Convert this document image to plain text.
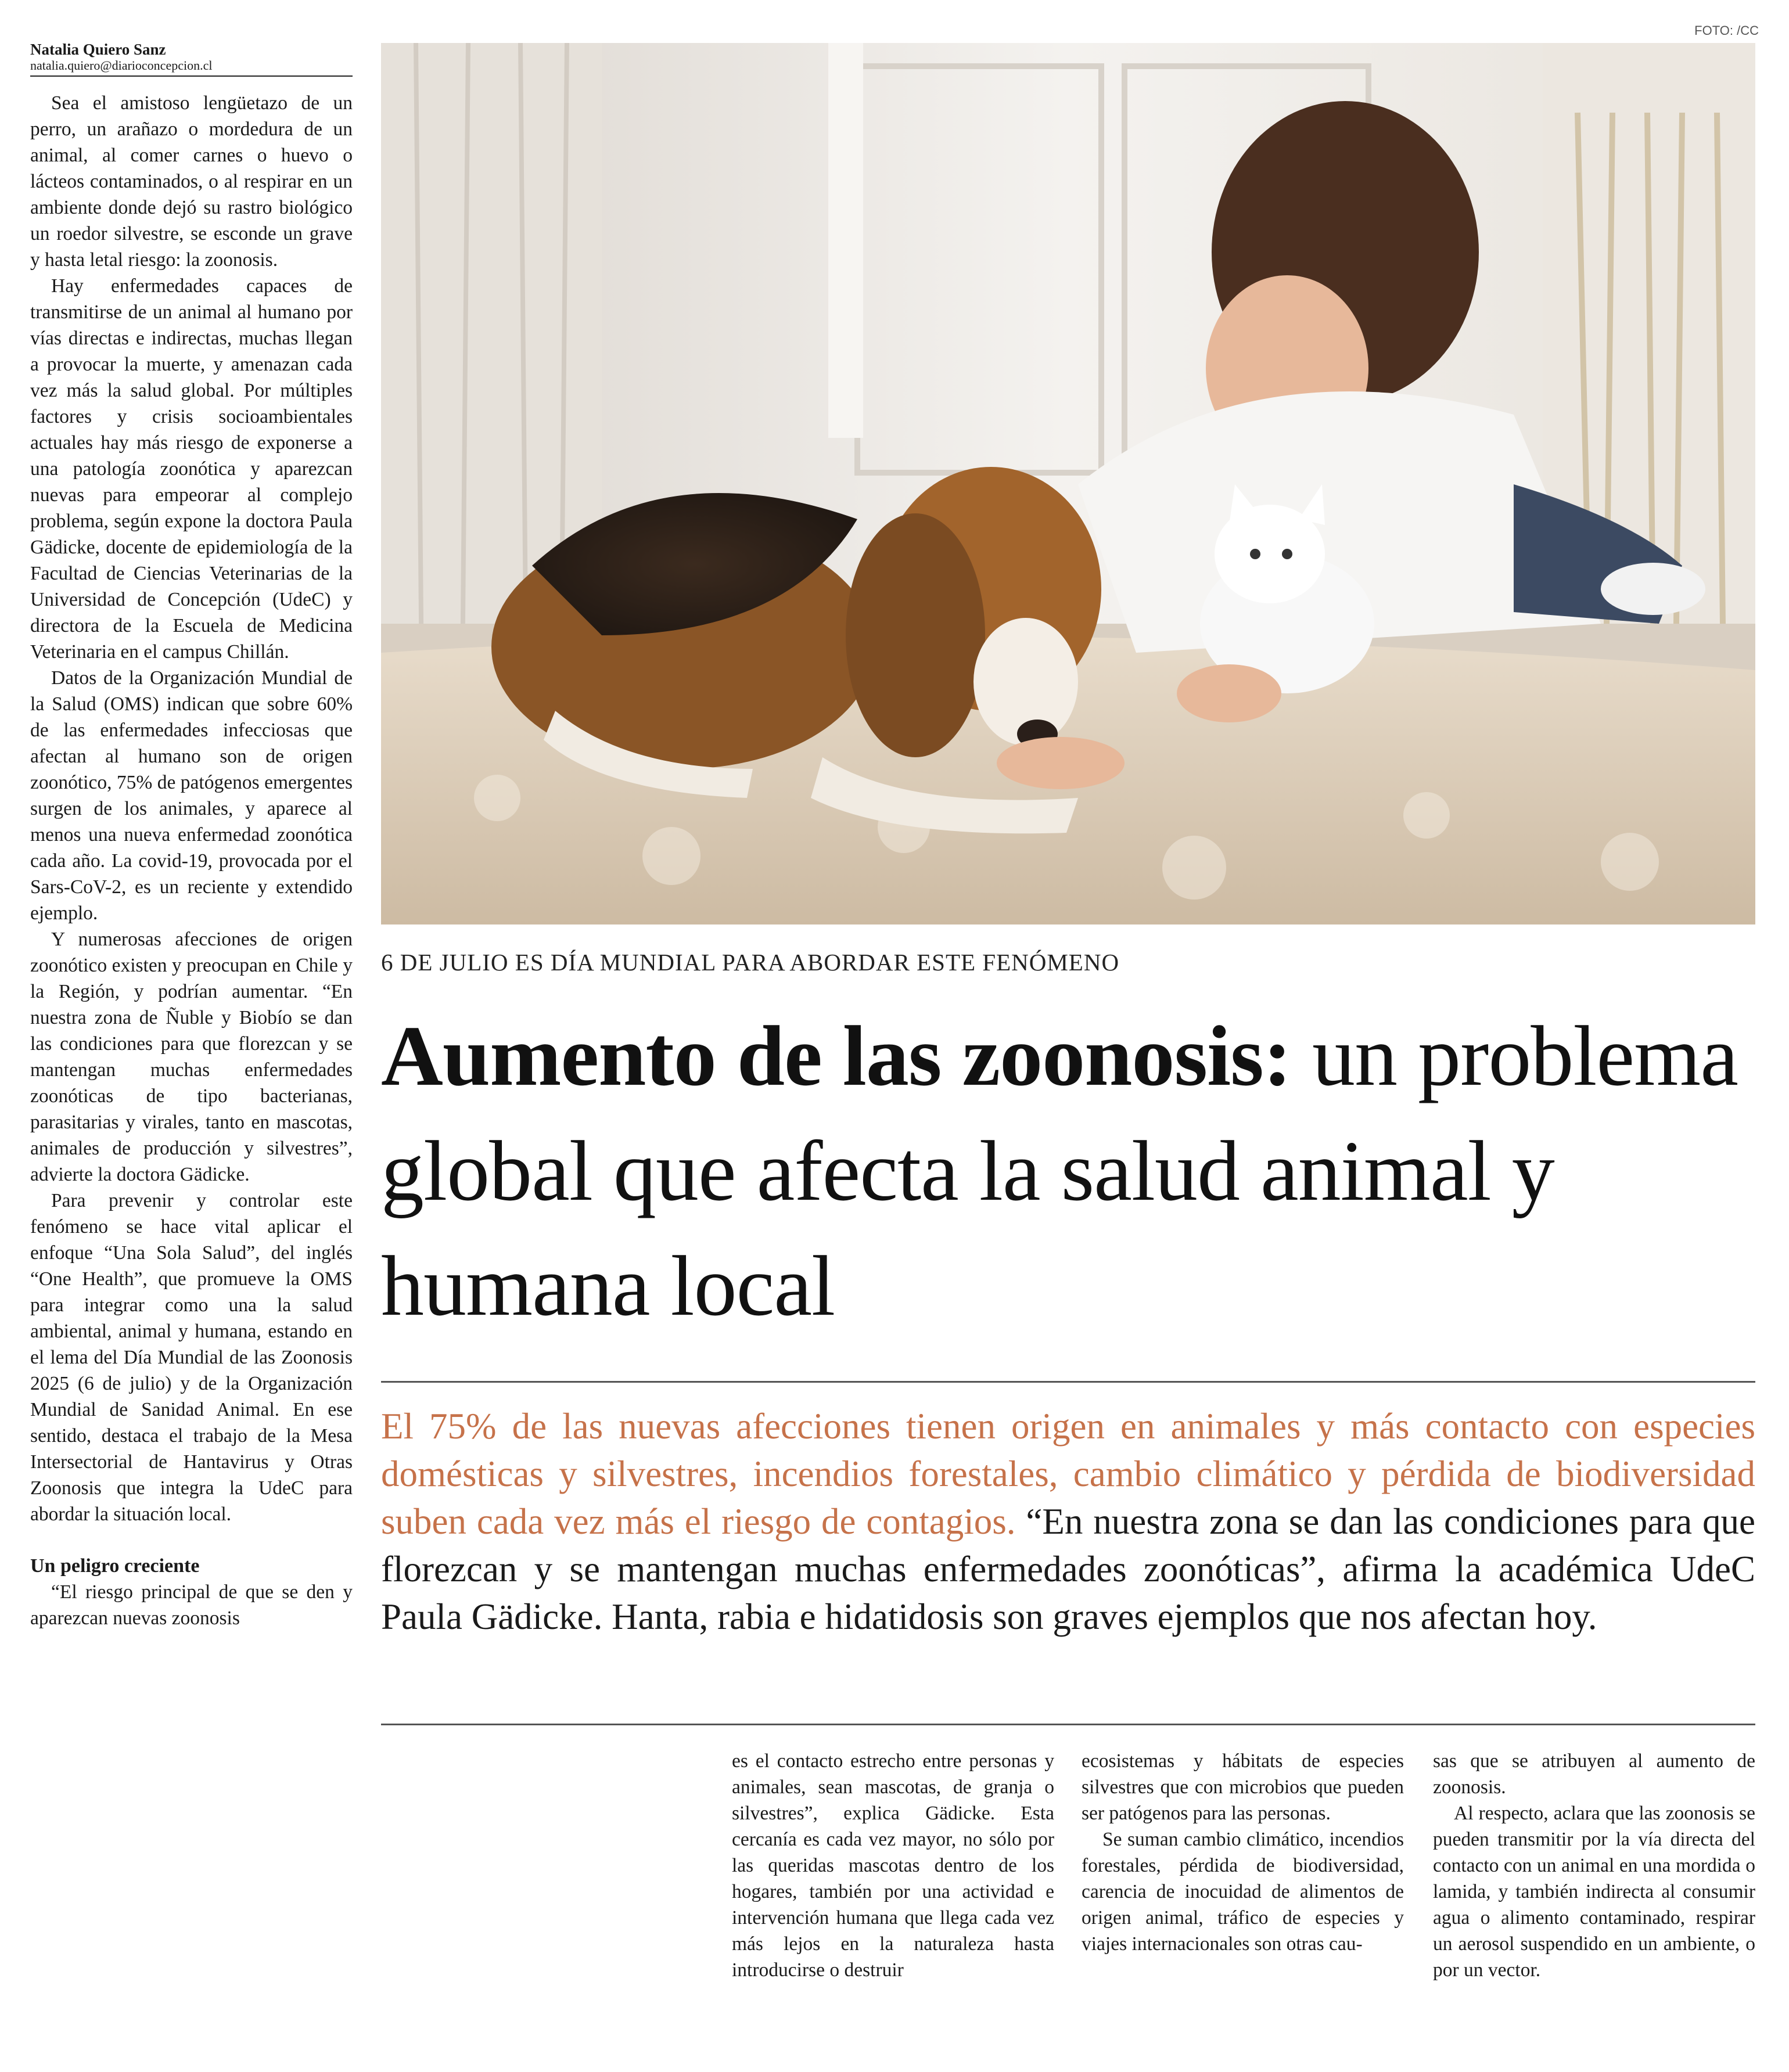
Natalia Quiero Sanz
natalia.quiero@diarioconcepcion.cl

Sea el amistoso lengüetazo de un perro, un arañazo o mordedura de un animal, al comer carnes o huevo o lácteos contaminados, o al respirar en un ambiente donde dejó su rastro biológico un roedor silvestre, se esconde un grave y hasta letal riesgo: la zoonosis.

Hay enfermedades capaces de transmitirse de un animal al humano por vías directas e indirectas, muchas llegan a provocar la muerte, y amenazan cada vez más la salud global. Por múltiples factores y crisis socioambientales actuales hay más riesgo de exponerse a una patología zoonótica y aparezcan nuevas para empeorar al complejo problema, según expone la doctora Paula Gädicke, docente de epidemiología de la Facultad de Ciencias Veterinarias de la Universidad de Concepción (UdeC) y directora de la Escuela de Medicina Veterinaria en el campus Chillán.

Datos de la Organización Mundial de la Salud (OMS) indican que sobre 60% de las enfermedades infecciosas que afectan al humano son de origen zoonótico, 75% de patógenos emergentes surgen de los animales, y aparece al menos una nueva enfermedad zoonótica cada año. La covid-19, provocada por el Sars-CoV-2, es un reciente y extendido ejemplo.

Y numerosas afecciones de origen zoonótico existen y preocupan en Chile y la Región, y podrían aumentar. “En nuestra zona de Ñuble y Biobío se dan las condiciones para que florezcan y se mantengan muchas enfermedades zoonóticas de tipo bacterianas, parasitarias y virales, tanto en mascotas, animales de producción y silvestres”, advierte la doctora Gädicke.

Para prevenir y controlar este fenómeno se hace vital aplicar el enfoque “Una Sola Salud”, del inglés “One Health”, que promueve la OMS para integrar como una la salud ambiental, animal y humana, estando en el lema del Día Mundial de las Zoonosis 2025 (6 de julio) y de la Organización Mundial de Sanidad Animal. En ese sentido, destaca el trabajo de la Mesa Intersectorial de Hantavirus y Otras Zoonosis que integra la UdeC para abordar la situación local.

Un peligro creciente

“El riesgo principal de que se den y aparezcan nuevas zoonosis

FOTO: /CC
6 DE JULIO ES DÍA MUNDIAL PARA ABORDAR ESTE FENÓMENO
Aumento de las zoonosis: un problema global que afecta la salud animal y humana local
El 75% de las nuevas afecciones tienen origen en animales y más contacto con especies domésticas y silvestres, incendios forestales, cambio climático y pérdida de biodiversidad suben cada vez más el riesgo de contagios. “En nuestra zona se dan las condiciones para que florezcan y se mantengan muchas enfermedades zoonóticas”, afirma la académica UdeC Paula Gädicke. Hanta, rabia e hidatidosis son graves ejemplos que nos afectan hoy.

es el contacto estrecho entre personas y animales, sean mascotas, de granja o silvestres”, explica Gädicke. Esta cercanía es cada vez mayor, no sólo por las queridas mascotas dentro de los hogares, también por una actividad e intervención humana que llega cada vez más lejos en la naturaleza hasta introducirse o destruir

ecosistemas y hábitats de especies silvestres que con microbios que pueden ser patógenos para las personas.

Se suman cambio climático, incendios forestales, pérdida de biodiversidad, carencia de inocuidad de alimentos de origen animal, tráfico de especies y viajes internacionales son otras cau-

sas que se atribuyen al aumento de zoonosis.

Al respecto, aclara que las zoonosis se pueden transmitir por la vía directa del contacto con un animal en una mordida o lamida, y también indirecta al consumir agua o alimento contaminado, respirar un aerosol suspendido en un ambiente, o por un vector.
